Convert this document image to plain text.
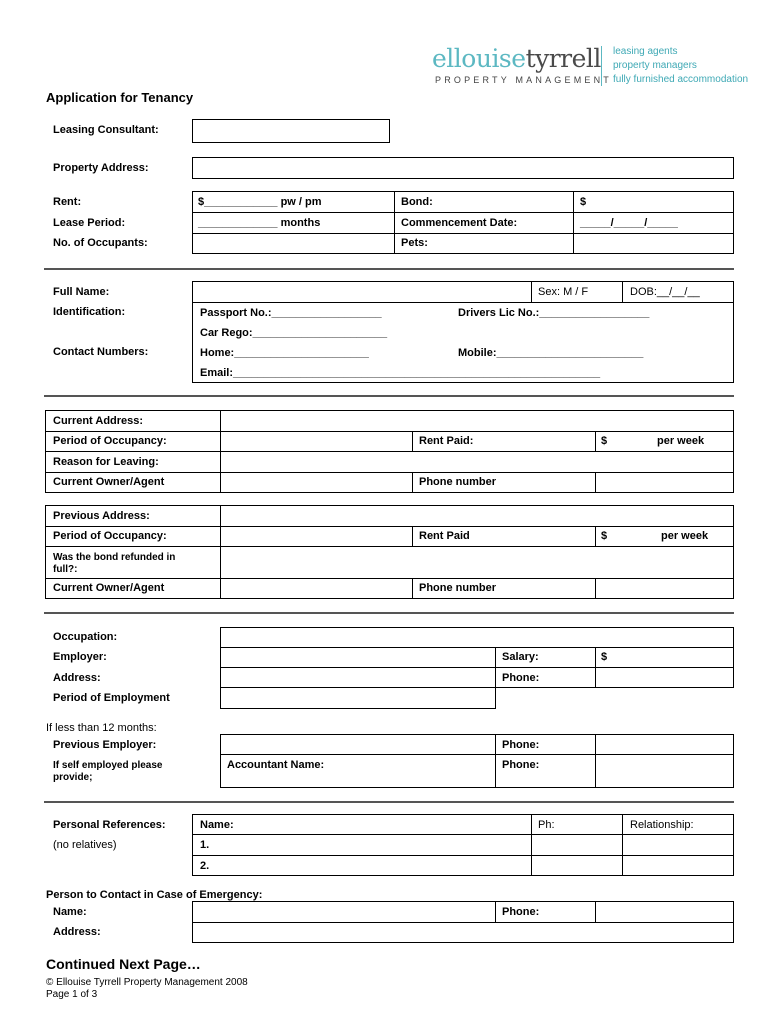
ellouisetyrrell
PROPERTY MANAGEMENT
leasing agents
property managers
fully furnished accommodation
Application for Tenancy
Leasing Consultant:
Property Address:
Rent:	$____________ pw / pm	Bond:	$
Lease Period:	_____________ months	Commencement Date:	_____/_____/_____
No. of Occupants:	Pets:
Full Name:	Sex: M / F	DOB:__/__/__
Identification:	Passport No.:__________________	Drivers Lic No.:__________________
Car Rego:______________________
Contact Numbers:	Home:______________________	Mobile:________________________
Email:____________________________________________________________
Current Address:
Period of Occupancy:	Rent Paid:	$	per week
Reason for Leaving:
Current Owner/Agent	Phone number
Previous Address:
Period of Occupancy:	Rent Paid	$	per week
Was the bond refunded in
full?:
Current Owner/Agent	Phone number
Occupation:
Employer:	Salary:	$
Address:	Phone:
Period of Employment
If less than 12 months:
Previous Employer:	Phone:
If self employed please
provide;
Accountant Name:	Phone:
Personal References:
(no relatives)
Name:	Ph:	Relationship:
1.
2.
Person to Contact in Case of Emergency:
Name:	Phone:
Address:
Continued Next Page…
© Ellouise Tyrrell Property Management 2008
Page 1 of 3
